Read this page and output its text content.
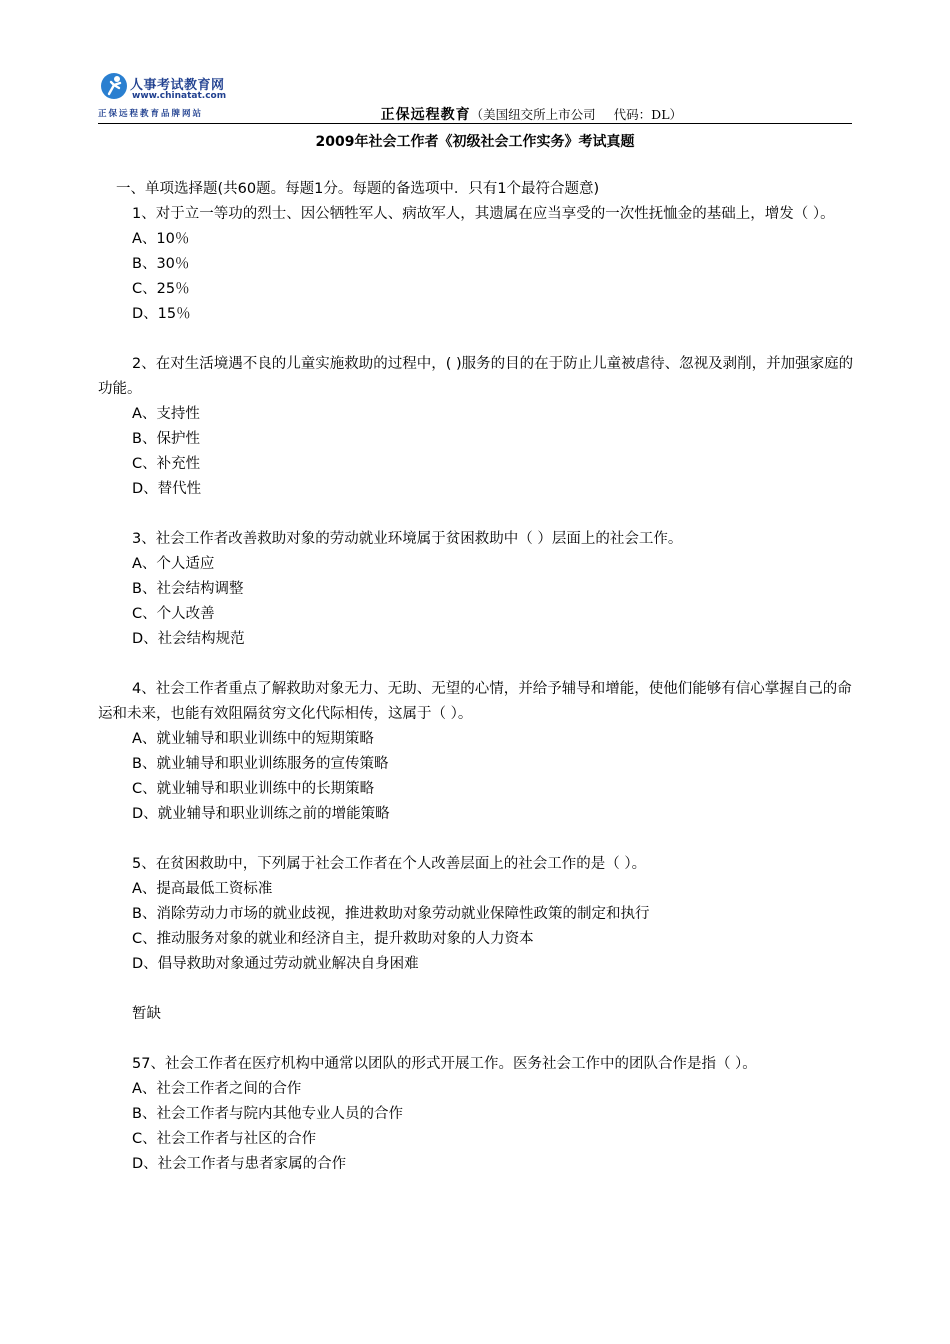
人事考试教育网
www.chinatat.com
正保远程教育品牌网站	正保远程教育（美国纽交所上市公司 代码：DL）
2009年社会工作者《初级社会工作实务》考试真题
一、单项选择题(共60题。每题1分。每题的备选项中．只有1个最符合题意)
1、对于立一等功的烈士、因公牺牲军人、病故军人，其遗属在应当享受的一次性抚恤金的基础上，增发（ ）。
A、10％
B、30％
C、25％
D、15％
2、在对生活境遇不良的儿童实施救助的过程中，( )服务的目的在于防止儿童被虐待、忽视及剥削，并加强家庭的功能。
A、支持性
B、保护性
C、补充性
D、替代性
3、社会工作者改善救助对象的劳动就业环境属于贫困救助中（ ）层面上的社会工作。
A、个人适应
B、社会结构调整
C、个人改善
D、社会结构规范
4、社会工作者重点了解救助对象无力、无助、无望的心情，并给予辅导和增能，使他们能够有信心掌握自己的命运和未来，也能有效阻隔贫穷文化代际相传，这属于（ ）。
A、就业辅导和职业训练中的短期策略
B、就业辅导和职业训练服务的宣传策略
C、就业辅导和职业训练中的长期策略
D、就业辅导和职业训练之前的增能策略
5、在贫困救助中，下列属于社会工作者在个人改善层面上的社会工作的是（ ）。
A、提高最低工资标准
B、消除劳动力市场的就业歧视，推进救助对象劳动就业保障性政策的制定和执行
C、推动服务对象的就业和经济自主，提升救助对象的人力资本
D、倡导救助对象通过劳动就业解决自身困难
暂缺
57、社会工作者在医疗机构中通常以团队的形式开展工作。医务社会工作中的团队合作是指（ ）。
A、社会工作者之间的合作
B、社会工作者与院内其他专业人员的合作
C、社会工作者与社区的合作
D、社会工作者与患者家属的合作
